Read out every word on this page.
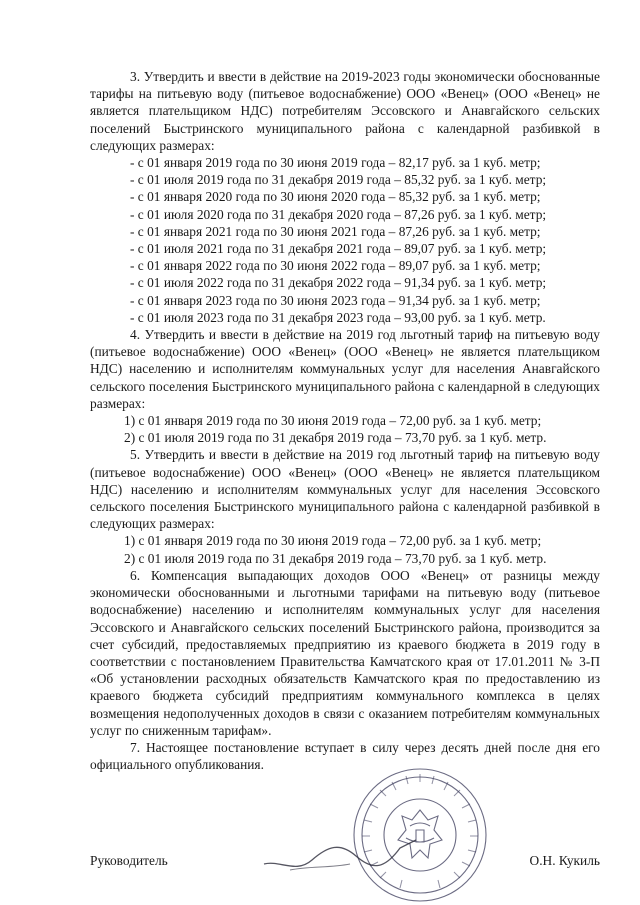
3. Утвердить и ввести в действие на 2019-2023 годы экономически обоснованные тарифы на питьевую воду (питьевое водоснабжение) ООО «Венец» (ООО «Венец» не является плательщиком НДС) потребителям Эссовского и Анавгайского сельских поселений Быстринского муниципального района с календарной разбивкой в следующих размерах:

- с 01 января 2019 года по 30 июня 2019 года – 82,17 руб. за 1 куб. метр;
- с 01 июля 2019 года по 31 декабря 2019 года – 85,32 руб. за 1 куб. метр;
- с 01 января 2020 года по 30 июня 2020 года – 85,32 руб. за 1 куб. метр;
- с 01 июля 2020 года по 31 декабря 2020 года – 87,26 руб. за 1 куб. метр;
- с 01 января 2021 года по 30 июня 2021 года – 87,26 руб. за 1 куб. метр;
- с 01 июля 2021 года по 31 декабря 2021 года – 89,07 руб. за 1 куб. метр;
- с 01 января 2022 года по 30 июня 2022 года – 89,07 руб. за 1 куб. метр;
- с 01 июля 2022 года по 31 декабря 2022 года – 91,34 руб. за 1 куб. метр;
- с 01 января 2023 года по 30 июня 2023 года – 91,34 руб. за 1 куб. метр;
- с 01 июля 2023 года по 31 декабря 2023 года – 93,00 руб. за 1 куб. метр.

4. Утвердить и ввести в действие на 2019 год льготный тариф на питьевую воду (питьевое водоснабжение) ООО «Венец» (ООО «Венец» не является плательщиком НДС) населению и исполнителям коммунальных услуг для населения Анавгайского сельского поселения Быстринского муниципального района с календарной в следующих размерах:

1) с 01 января 2019 года по 30 июня 2019 года – 72,00 руб. за 1 куб. метр;
2) с 01 июля 2019 года по 31 декабря 2019 года – 73,70 руб. за 1 куб. метр.

5. Утвердить и ввести в действие на 2019 год льготный тариф на питьевую воду (питьевое водоснабжение) ООО «Венец» (ООО «Венец» не является плательщиком НДС) населению и исполнителям коммунальных услуг для населения Эссовского сельского поселения Быстринского муниципального района с календарной разбивкой в следующих размерах:

1) с 01 января 2019 года по 30 июня 2019 года – 72,00 руб. за 1 куб. метр;
2) с 01 июля 2019 года по 31 декабря 2019 года – 73,70 руб. за 1 куб. метр.

6. Компенсация выпадающих доходов ООО «Венец» от разницы между экономически обоснованными и льготными тарифами на питьевую воду (питьевое водоснабжение) населению и исполнителям коммунальных услуг для населения Эссовского и Анавгайского сельских поселений Быстринского района, производится за счет субсидий, предоставляемых предприятию из краевого бюджета в 2019 году в соответствии с постановлением Правительства Камчатского края от 17.01.2011 № 3-П «Об установлении расходных обязательств Камчатского края по предоставлению из краевого бюджета субсидий предприятиям коммунального комплекса в целях возмещения недополученных доходов в связи с оказанием потребителям коммунальных услуг по сниженным тарифам».

7. Настоящее постановление вступает в силу через десять дней после дня его официального опубликования.

Руководитель	О.Н. Кукиль
